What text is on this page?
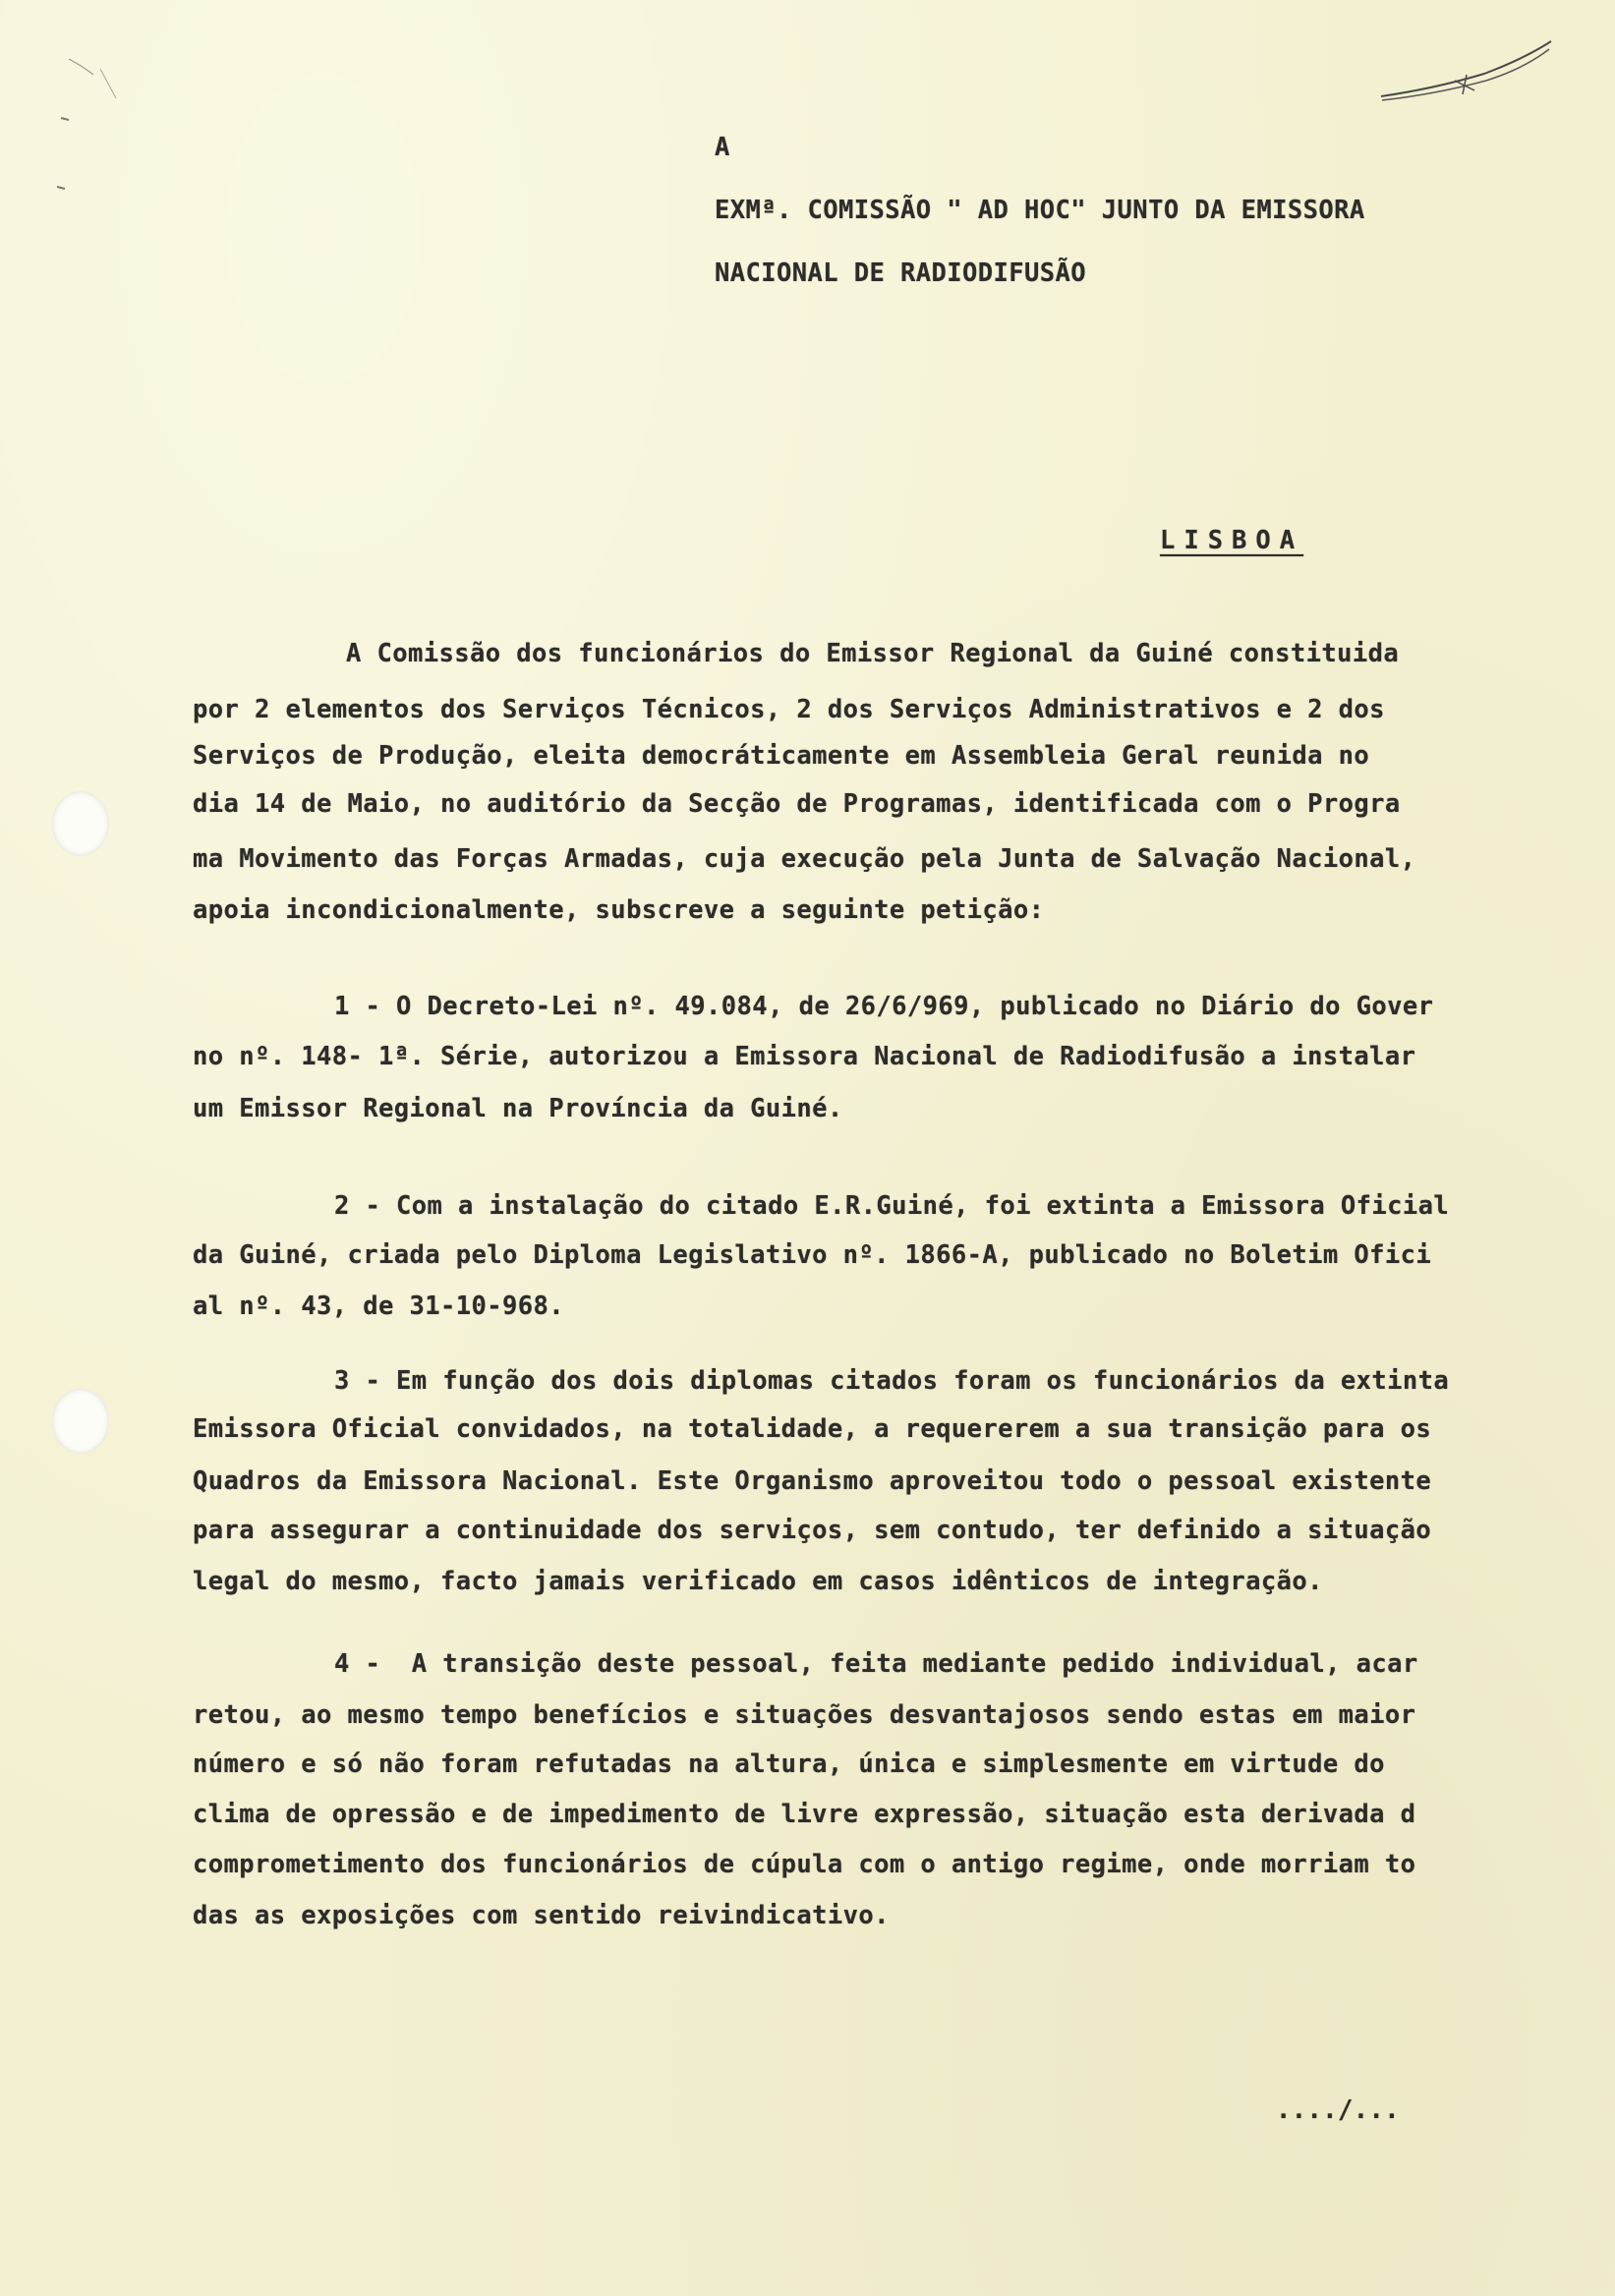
A

EXMª. COMISSÃO " AD HOC" JUNTO DA EMISSORA

NACIONAL DE RADIODIFUSÃO

LISBOA

A Comissão dos funcionários do Emissor Regional da Guiné constituida

por 2 elementos dos Serviços Técnicos, 2 dos Serviços Administrativos e 2 dos

Serviços de Produção, eleita democráticamente em Assembleia Geral reunida no

dia 14 de Maio, no auditório da Secção de Programas, identificada com o Progra

ma Movimento das Forças Armadas, cuja execução pela Junta de Salvação Nacional,

apoia incondicionalmente, subscreve a seguinte petição:

1 - O Decreto-Lei nº. 49.084, de 26/6/969, publicado no Diário do Gover

no nº. 148- 1ª. Série, autorizou a Emissora Nacional de Radiodifusão a instalar

um Emissor Regional na Província da Guiné.

2 - Com a instalação do citado E.R.Guiné, foi extinta a Emissora Oficial

da Guiné, criada pelo Diploma Legislativo nº. 1866-A, publicado no Boletim Ofici

al nº. 43, de 31-10-968.

3 - Em função dos dois diplomas citados foram os funcionários da extinta

Emissora Oficial convidados, na totalidade, a requererem a sua transição para os

Quadros da Emissora Nacional. Este Organismo aproveitou todo o pessoal existente

para assegurar a continuidade dos serviços, sem contudo, ter definido a situação

legal do mesmo, facto jamais verificado em casos idênticos de integração.

4 -  A transição deste pessoal, feita mediante pedido individual, acar

retou, ao mesmo tempo benefícios e situações desvantajosos sendo estas em maior

número e só não foram refutadas na altura, única e simplesmente em virtude do

clima de opressão e de impedimento de livre expressão, situação esta derivada d

comprometimento dos funcionários de cúpula com o antigo regime, onde morriam to

das as exposições com sentido reivindicativo.

..../...
